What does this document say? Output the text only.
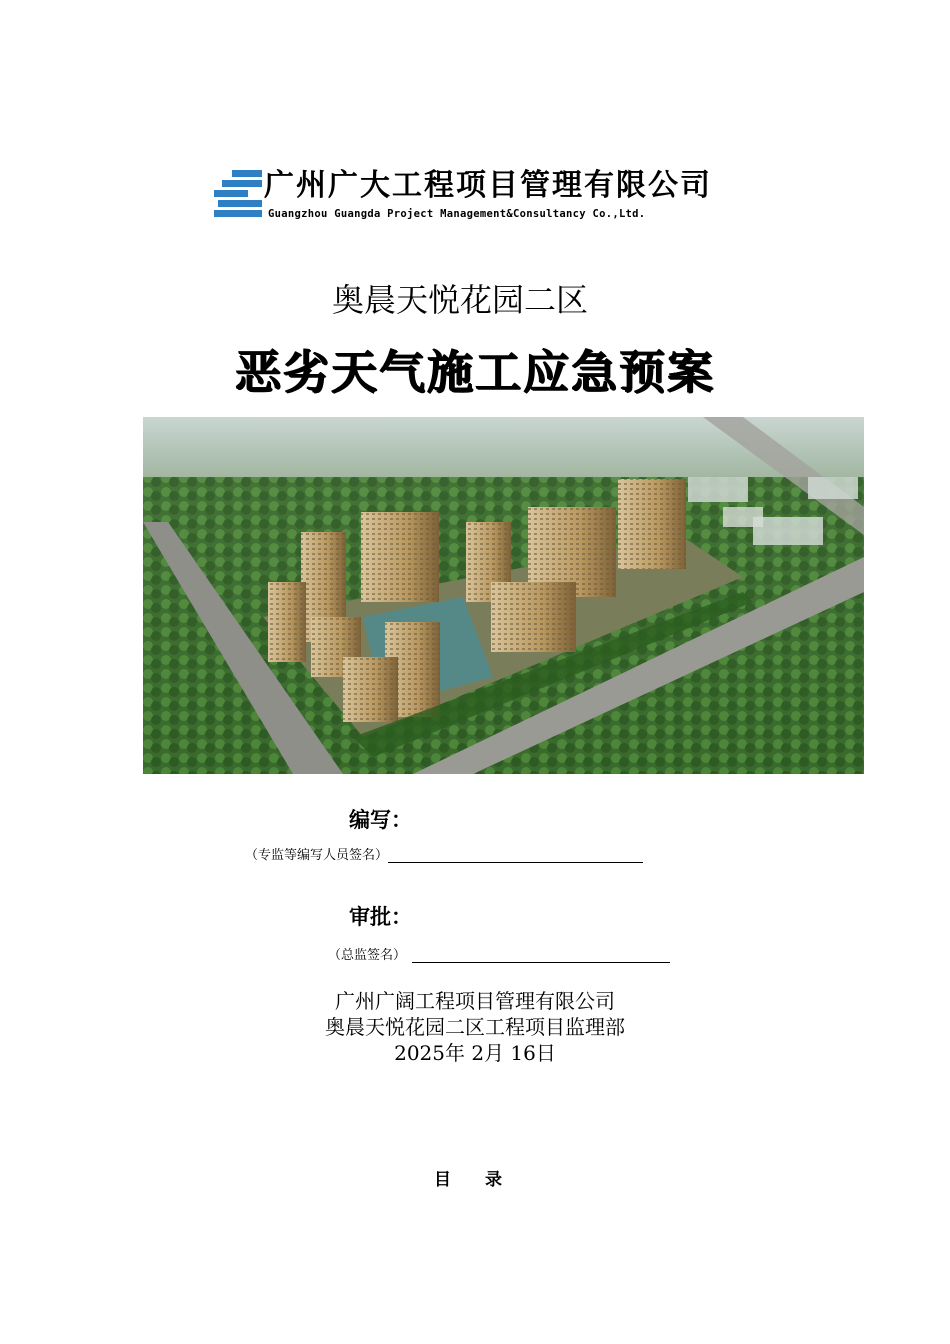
广州广大工程项目管理有限公司
Guangzhou Guangda Project Management&Consultancy Co.,Ltd.
奥晨天悦花园二区
恶劣天气施工应急预案
编写：
（专监等编写人员签名）
审批：
（总监签名）
广州广阔工程项目管理有限公司
奥晨天悦花园二区工程项目监理部
2025年 2月 16日
目 录
